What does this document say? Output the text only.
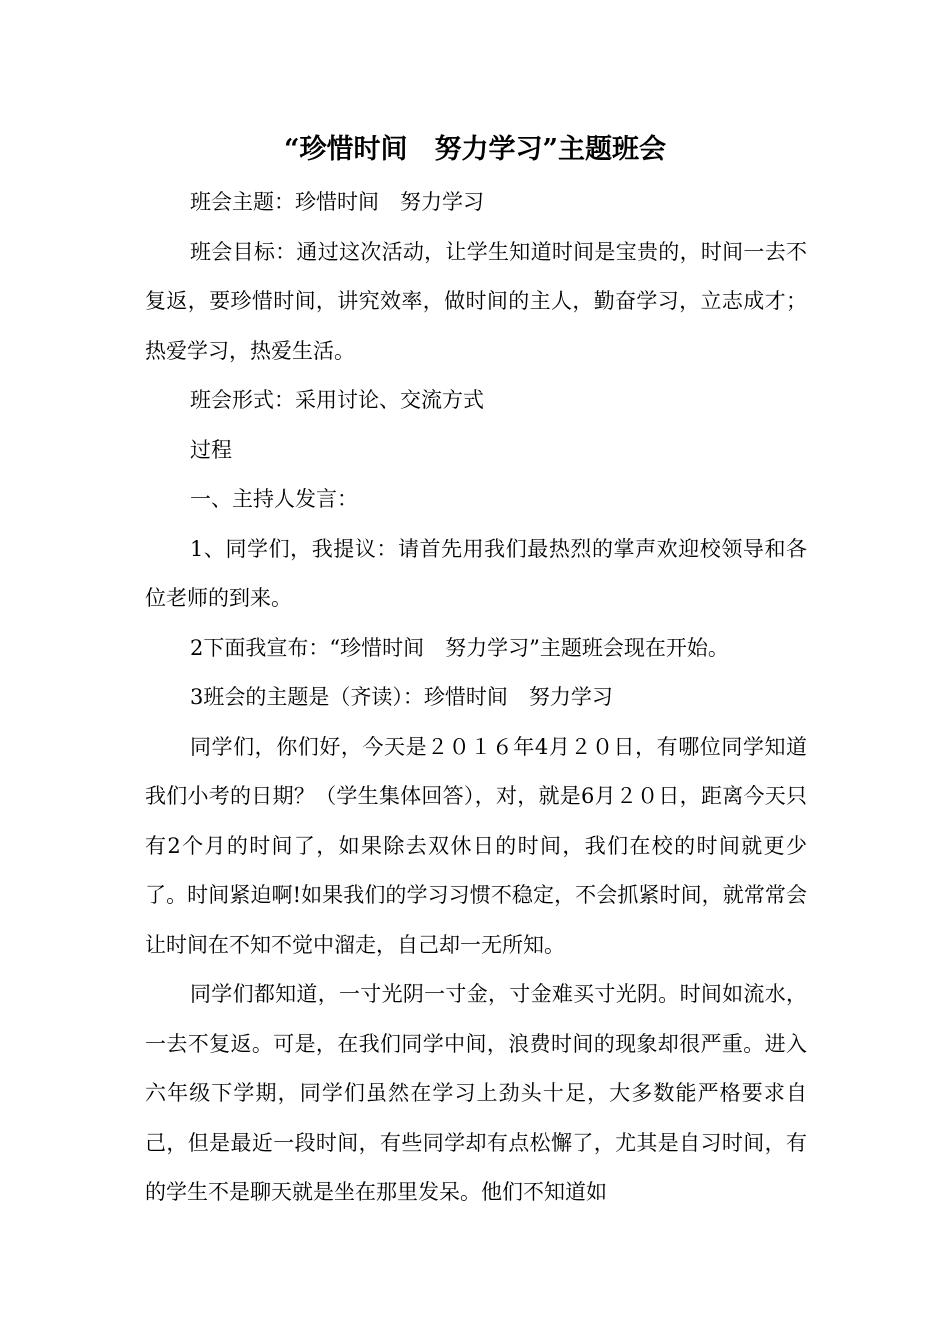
“珍惜时间　努力学习”主题班会

班会主题：珍惜时间　努力学习

班会目标：通过这次活动，让学生知道时间是宝贵的，时间一去不复返，要珍惜时间，讲究效率，做时间的主人，勤奋学习，立志成才；热爱学习，热爱生活。

班会形式：采用讨论、交流方式

过程

一、主持人发言：

1、同学们，我提议：请首先用我们最热烈的掌声欢迎校领导和各位老师的到来。

2下面我宣布：“珍惜时间　努力学习”主题班会现在开始。

3班会的主题是（齐读）：珍惜时间　努力学习

同学们，你们好，今天是２０１６年4月２０日，有哪位同学知道我们小考的日期？（学生集体回答），对，就是6月２０日，距离今天只有2个月的时间了，如果除去双休日的时间，我们在校的时间就更少了。时间紧迫啊!如果我们的学习习惯不稳定，不会抓紧时间，就常常会让时间在不知不觉中溜走，自己却一无所知。

同学们都知道，一寸光阴一寸金，寸金难买寸光阴。时间如流水，一去不复返。可是，在我们同学中间，浪费时间的现象却很严重。进入六年级下学期，同学们虽然在学习上劲头十足，大多数能严格要求自己，但是最近一段时间，有些同学却有点松懈了，尤其是自习时间，有的学生不是聊天就是坐在那里发呆。他们不知道如
